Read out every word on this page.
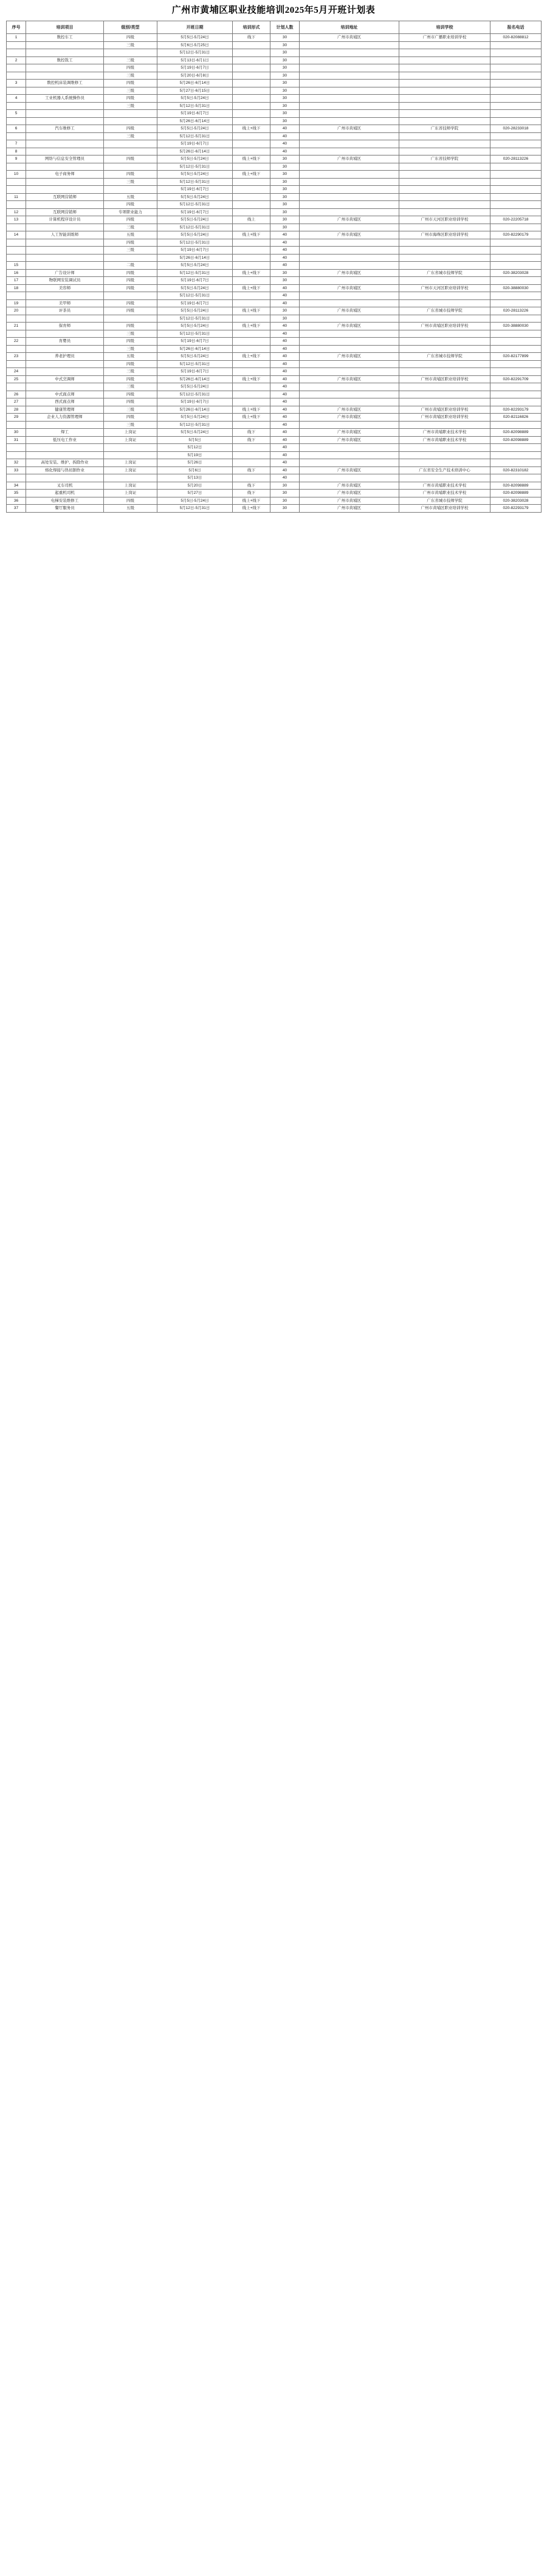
广州市黄埔区职业技能培训2025年5月开班计划表
序号	培训项目	级别/类型	开班日期	培训形式	计划人数	培训地址	培训学校	报名电话
1	数控车工	四级	5月5日-5月24日	线下	30	广州市黄埔区	广州市广播职业培训学校	020-82088812
		三级	5月6日-5月25日		30			
			5月12日-5月31日		30			
2	数控铣工	三级	5月13日-6月1日		30			
		四级	5月19日-6月7日		30			
		三级	5月20日-6月8日		30			
3	数控机床装调维修工	四级	5月26日-6月14日		30			
		三级	5月27日-6月15日		30			
4	工业机器人系统操作员	四级	5月5日-5月24日		30			
		三级	5月12日-5月31日		30			
5			5月19日-6月7日		30			
			5月26日-6月14日		30			
6	汽车维修工	四级	5月5日-5月24日	线上+线下	40	广州市黄埔区	广东省技师学院	020-28233018
		三级	5月12日-5月31日		40			
7			5月19日-6月7日		40			
8			5月26日-6月14日		40			
9	网络与信息安全管理员	四级	5月5日-5月24日	线上+线下	30	广州市黄埔区	广东省技师学院	020-28113226
			5月12日-5月31日		30			
10	电子商务师	四级	5月5日-5月24日	线上+线下	30			
		三级	5月12日-5月31日		30			
			5月19日-6月7日		30			
11	互联网营销师	五级	5月5日-5月24日		30			
		四级	5月12日-5月31日		30			
12	互联网营销师	专项职业能力	5月19日-6月7日		30			
13	计算机程序设计员	四级	5月5日-5月24日	线上	30	广州市黄埔区	广州市天河区职业培训学校	020-22205718
		三级	5月12日-5月31日		30			
14	人工智能训练师	五级	5月5日-5月24日	线上+线下	40	广州市黄埔区	广州市海珠区职业培训学校	020-82290179
		四级	5月12日-5月31日		40			
		三级	5月19日-6月7日		40			
			5月26日-6月14日		40			
15		二级	5月5日-5月24日		40			
16	广告设计师	四级	5月12日-5月31日	线上+线下	30	广州市黄埔区	广东省城市技师学院	020-38203028
17	物联网安装调试员	四级	5月19日-6月7日		30			
18	美容师	四级	5月5日-5月24日	线上+线下	40	广州市黄埔区	广州市天河区职业培训学校	020-38880030
			5月12日-5月31日		40			
19	美甲师	四级	5月19日-6月7日		40			
20	评茶员	四级	5月5日-5月24日	线上+线下	30	广州市黄埔区	广东省城市技师学院	020-28113226
			5月12日-5月31日		30			
21	保育师	四级	5月5日-5月24日	线上+线下	40	广州市黄埔区	广州市黄埔区职业培训学校	020-38880030
		三级	5月12日-5月31日		40			
22	育婴员	四级	5月19日-6月7日		40			
		三级	5月26日-6月14日		40			
23	养老护理员	五级	5月5日-5月24日	线上+线下	40	广州市黄埔区	广东省城市技师学院	020-82177899
		四级	5月12日-5月31日		40			
24		三级	5月19日-6月7日		40			
25	中式烹调师	四级	5月26日-6月14日	线上+线下	40	广州市黄埔区	广州市黄埔区职业培训学校	020-82291709
		三级	5月5日-5月24日		40			
26	中式面点师	四级	5月12日-5月31日		40			
27	西式面点师	四级	5月19日-6月7日		40			
28	健康管理师	三级	5月26日-6月14日	线上+线下	40	广州市黄埔区	广州市黄埔区职业培训学校	020-82293179
29	企业人力资源管理师	四级	5月5日-5月24日	线上+线下	40	广州市黄埔区	广州市黄埔区职业培训学校	020-82116826
		三级	5月12日-5月31日		40			
30	焊工	上岗证	5月5日-5月24日	线下	40	广州市黄埔区	广州市黄埔职业技术学校	020-82098889
31	低压电工作业	上岗证	5月5日	线下	40	广州市黄埔区	广州市黄埔职业技术学校	020-82098889
			5月12日		40			
			5月19日		40			
32	高处安装、维护、拆除作业	上岗证	5月26日		40			
33	熔化焊接与热切割作业	上岗证	5月6日	线下	40	广州市黄埔区	广东省安全生产技术培训中心	020-82310182
			5月13日		40			
34	叉车司机	上岗证	5月20日	线下	30	广州市黄埔区	广州市黄埔职业技术学校	020-82098889
35	起重机司机	上岗证	5月27日	线下	30	广州市黄埔区	广州市黄埔职业技术学校	020-82098889
36	电梯安装维修工	四级	5月5日-5月24日	线上+线下	30	广州市黄埔区	广东省城市技师学院	020-38203028
37	餐厅服务员	五级	5月12日-5月31日	线上+线下	30	广州市黄埔区	广州市黄埔区职业培训学校	020-82293179
